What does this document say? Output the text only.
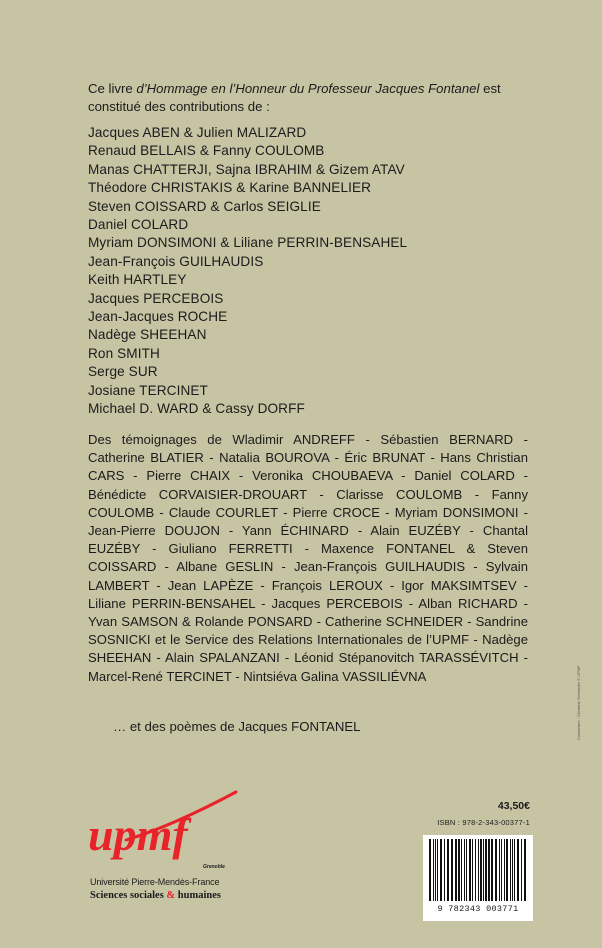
Ce livre d’Hommage en l’Honneur du Professeur Jacques Fontanel est constitué des contributions de :
Jacques ABEN & Julien MALIZARD
Renaud BELLAIS & Fanny COULOMB
Manas CHATTERJI, Sajna IBRAHIM & Gizem ATAV
Théodore CHRISTAKIS & Karine BANNELIER
Steven COISSARD & Carlos SEIGLIE
Daniel COLARD
Myriam DONSIMONI & Liliane PERRIN-BENSAHEL
Jean-François GUILHAUDIS
Keith HARTLEY
Jacques PERCEBOIS
Jean-Jacques ROCHE
Nadège SHEEHAN
Ron SMITH
Serge SUR
Josiane TERCINET
Michael D. WARD & Cassy DORFF

Des témoignages de Wladimir ANDREFF - Sébastien BERNARD - Catherine BLATIER - Natalia BOUROVA - Éric BRUNAT - Hans Christian CARS - Pierre CHAIX - Veronika CHOUBAEVA - Daniel COLARD - Bénédicte CORVAISIER-DROUART - Clarisse COULOMB - Fanny COULOMB - Claude COURLET - Pierre CROCE - Myriam DONSIMONI - Jean-Pierre DOUJON - Yann ÉCHINARD - Alain EUZÉBY - Chantal EUZÉBY - Giuliano FERRETTI - Maxence FONTANEL & Steven COISSARD - Albane GESLIN - Jean-François GUILHAUDIS - Sylvain LAMBERT - Jean LAPÈZE - François LEROUX - Igor MAKSIMTSEV - Liliane PERRIN-BENSAHEL - Jacques PERCEBOIS - Alban RICHARD - Yvan SAMSON & Rolande PONSARD - Catherine SCHNEIDER - Sandrine SOSNICKI et le Service des Relations Internationales de l’UPMF - Nadège SHEEHAN - Alain SPALANZANI - Léonid Stépanovitch TARASSÉVITCH - Marcel-René TERCINET - Nintsiéva Galina VASSILIÉVNA

… et des poèmes de Jacques FONTANEL	Couverture : Christine Schneider © UPMF
43,50€
ISBN : 978-2-343-00377-1
9 782343 003771
upmf
Grenoble
Université Pierre-Mendès-France
Sciences sociales & humaines
